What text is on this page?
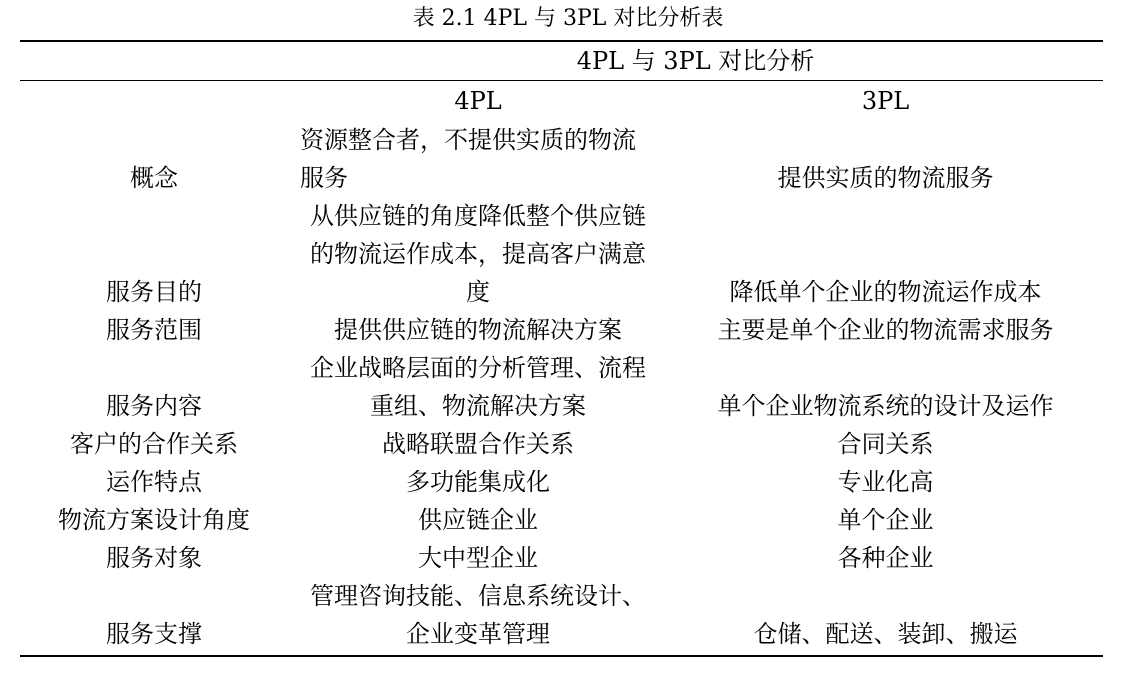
表 2.1 4PL 与 3PL 对比分析表
4PL 与 3PL 对比分析
	4PL	3PL
概念	资源整合者，不提供实质的物流服务	提供实质的物流服务
服务目的	从供应链的角度降低整个供应链的物流运作成本，提高客户满意度	降低单个企业的物流运作成本
服务范围	提供供应链的物流解决方案	主要是单个企业的物流需求服务
服务内容	企业战略层面的分析管理、流程重组、物流解决方案	单个企业物流系统的设计及运作
客户的合作关系	战略联盟合作关系	合同关系
运作特点	多功能集成化	专业化高
物流方案设计角度	供应链企业	单个企业
服务对象	大中型企业	各种企业
服务支撑	管理咨询技能、信息系统设计、企业变革管理	仓储、配送、装卸、搬运
